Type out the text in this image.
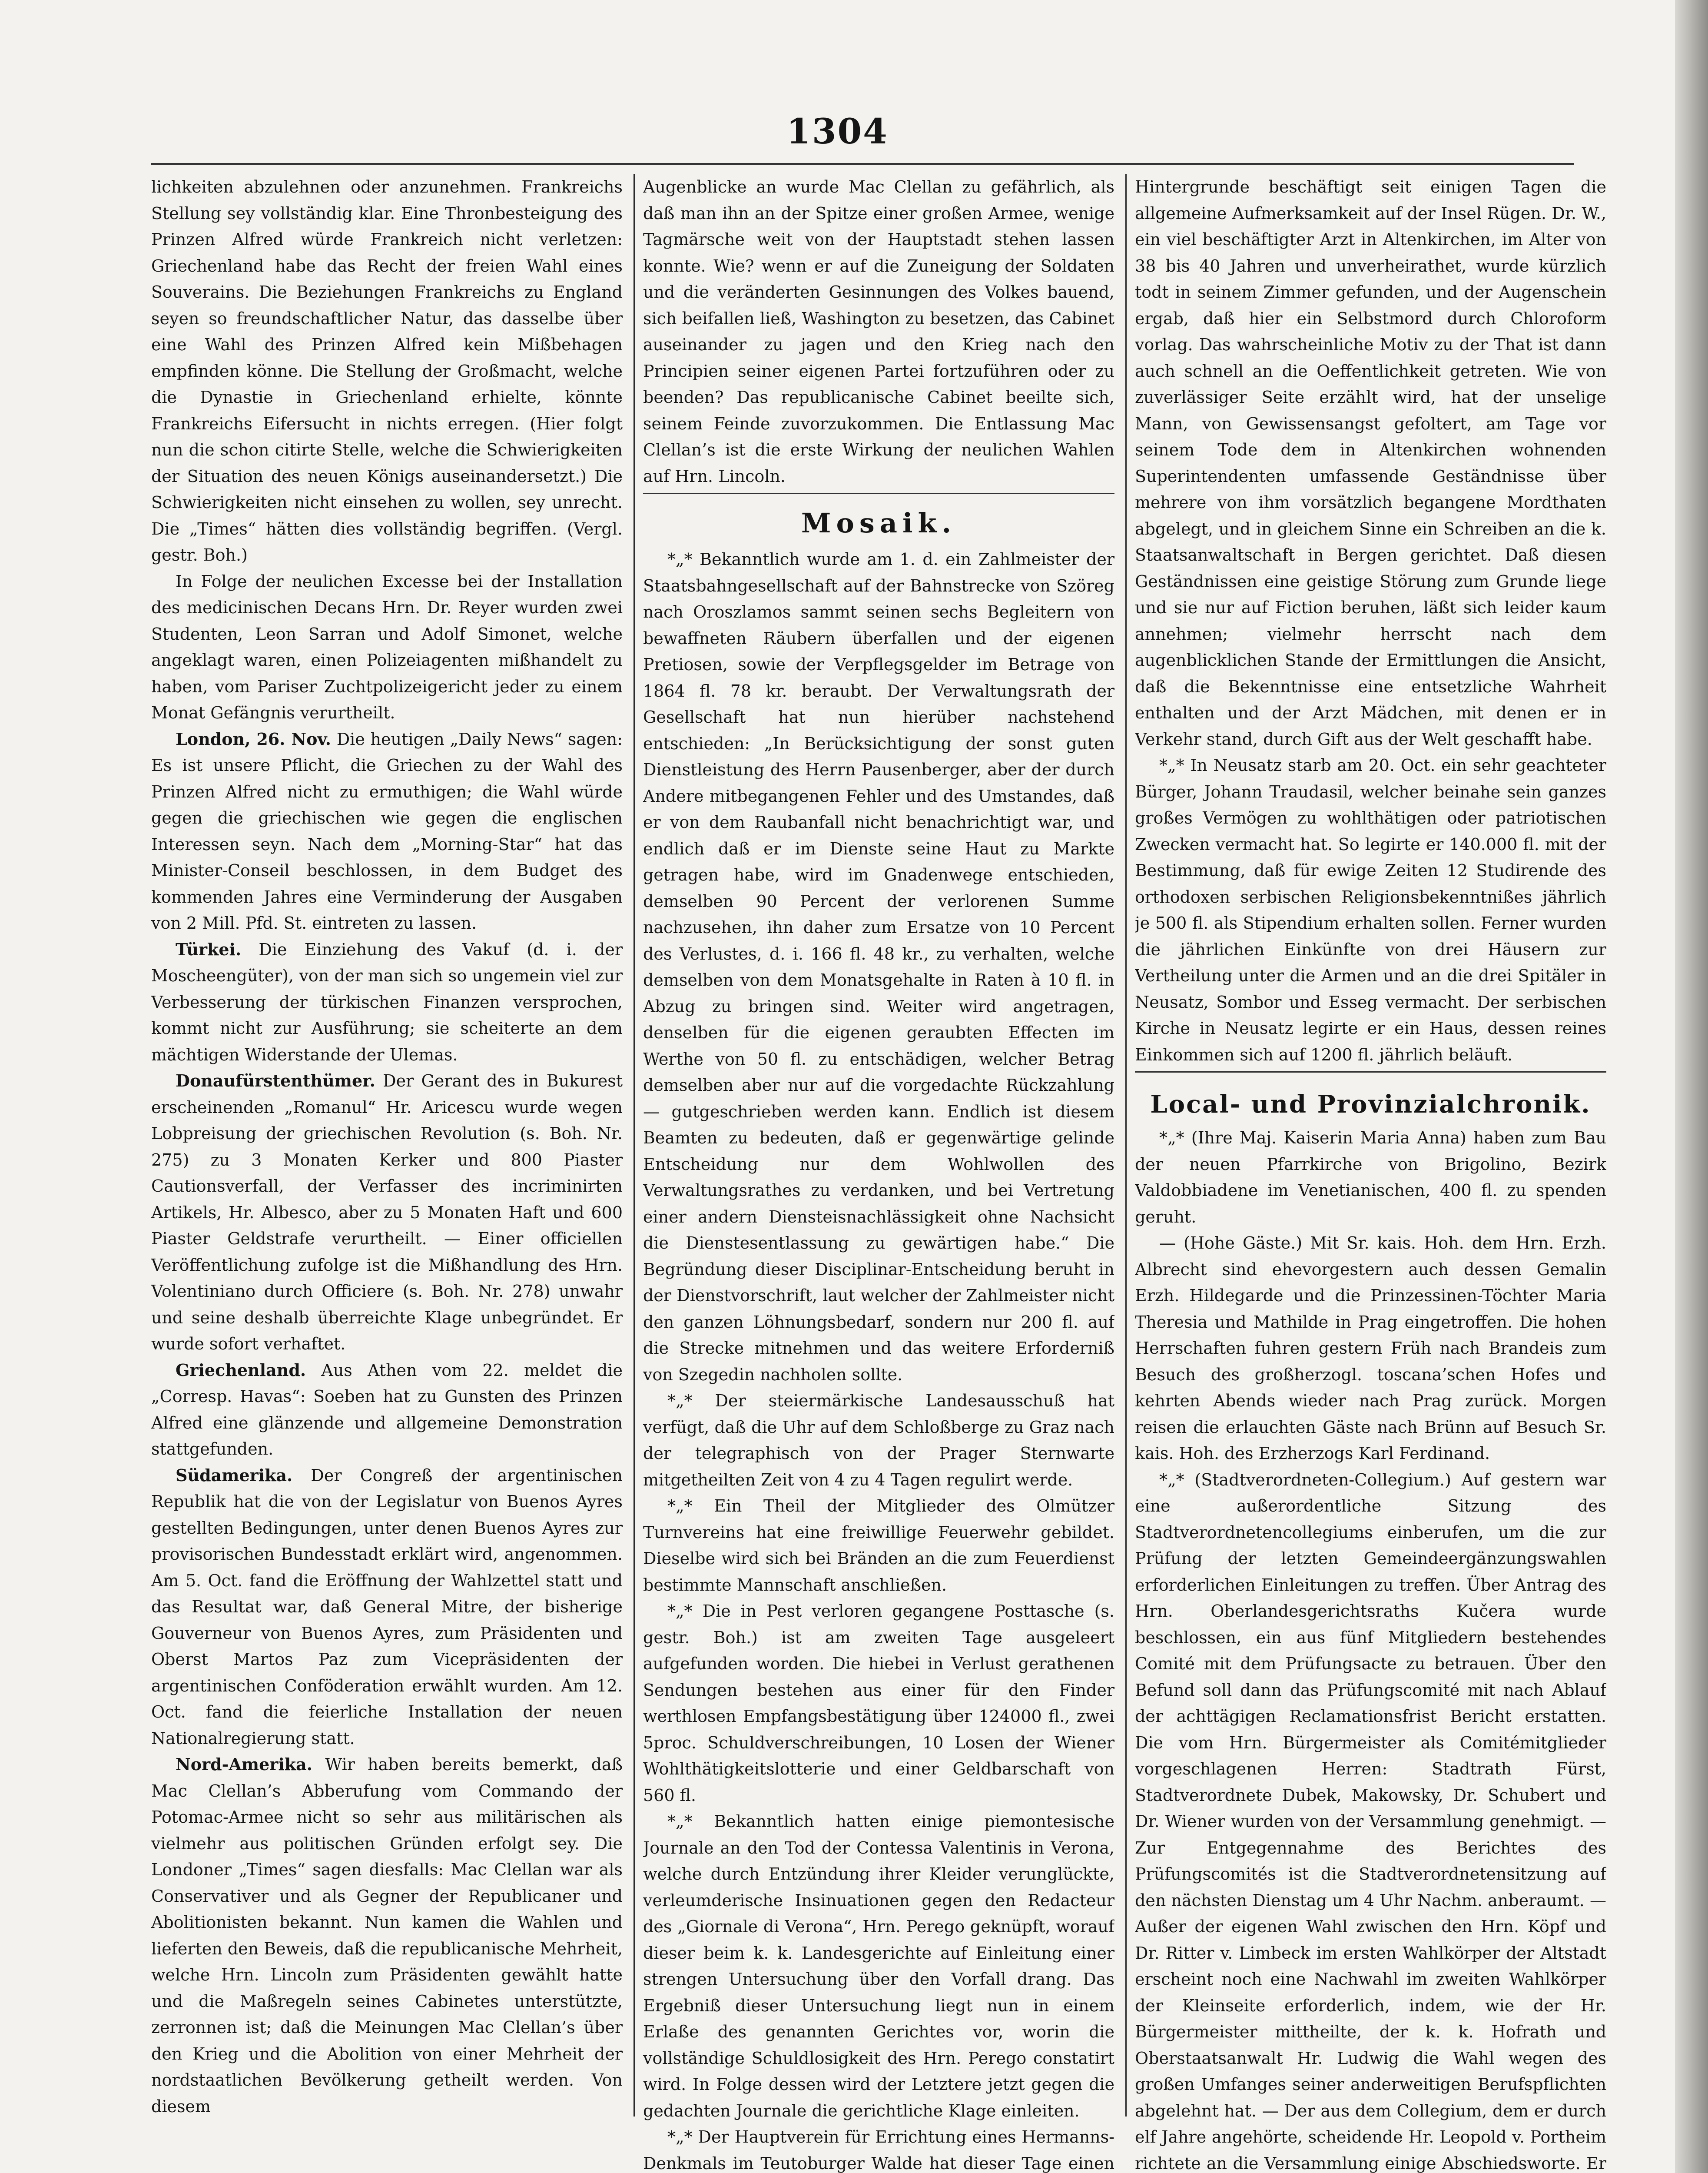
1304

lichkeiten abzulehnen oder anzunehmen. Frankreichs Stellung sey vollständig klar. Eine Thronbesteigung des Prinzen Alfred würde Frankreich nicht verletzen: Griechenland habe das Recht der freien Wahl eines Souverains. Die Beziehungen Frankreichs zu England seyen so freundschaftlicher Natur, das dasselbe über eine Wahl des Prinzen Alfred kein Mißbehagen empfinden könne. Die Stellung der Großmacht, welche die Dynastie in Griechenland erhielte, könnte Frankreichs Eifersucht in nichts erregen. (Hier folgt nun die schon citirte Stelle, welche die Schwierigkeiten der Situation des neuen Königs auseinandersetzt.) Die Schwierigkeiten nicht einsehen zu wollen, sey unrecht. Die „Times“ hätten dies vollständig begriffen. (Vergl. gestr. Boh.)

In Folge der neulichen Excesse bei der Installation des medicinischen Decans Hrn. Dr. Reyer wurden zwei Studenten, Leon Sarran und Adolf Simonet, welche angeklagt waren, einen Polizeiagenten mißhandelt zu haben, vom Pariser Zuchtpolizeigericht jeder zu einem Monat Gefängnis verurtheilt.

London, 26. Nov. Die heutigen „Daily News“ sagen: Es ist unsere Pflicht, die Griechen zu der Wahl des Prinzen Alfred nicht zu ermuthigen; die Wahl würde gegen die griechischen wie gegen die englischen Interessen seyn. Nach dem „Morning-Star“ hat das Minister-Conseil beschlossen, in dem Budget des kommenden Jahres eine Verminderung der Ausgaben von 2 Mill. Pfd. St. eintreten zu lassen.

Türkei. Die Einziehung des Vakuf (d. i. der Moscheengüter), von der man sich so ungemein viel zur Verbesserung der türkischen Finanzen versprochen, kommt nicht zur Ausführung; sie scheiterte an dem mächtigen Widerstande der Ulemas.

Donaufürstenthümer. Der Gerant des in Bukurest erscheinenden „Romanul“ Hr. Aricescu wurde wegen Lobpreisung der griechischen Revolution (s. Boh. Nr. 275) zu 3 Monaten Kerker und 800 Piaster Cautionsverfall, der Verfasser des incriminirten Artikels, Hr. Albesco, aber zu 5 Monaten Haft und 600 Piaster Geldstrafe verurtheilt. — Einer officiellen Veröffentlichung zufolge ist die Mißhandlung des Hrn. Volentiniano durch Officiere (s. Boh. Nr. 278) unwahr und seine deshalb überreichte Klage unbegründet. Er wurde sofort verhaftet.

Griechenland. Aus Athen vom 22. meldet die „Corresp. Havas“: Soeben hat zu Gunsten des Prinzen Alfred eine glänzende und allgemeine Demonstration stattgefunden.

Südamerika. Der Congreß der argentinischen Republik hat die von der Legislatur von Buenos Ayres gestellten Bedingungen, unter denen Buenos Ayres zur provisorischen Bundesstadt erklärt wird, angenommen. Am 5. Oct. fand die Eröffnung der Wahlzettel statt und das Resultat war, daß General Mitre, der bisherige Gouverneur von Buenos Ayres, zum Präsidenten und Oberst Martos Paz zum Vicepräsidenten der argentinischen Conföderation erwählt wurden. Am 12. Oct. fand die feierliche Installation der neuen Nationalregierung statt.

Nord-Amerika. Wir haben bereits bemerkt, daß Mac Clellan’s Abberufung vom Commando der Potomac-Armee nicht so sehr aus militärischen als vielmehr aus politischen Gründen erfolgt sey. Die Londoner „Times“ sagen diesfalls: Mac Clellan war als Conservativer und als Gegner der Republicaner und Abolitionisten bekannt. Nun kamen die Wahlen und lieferten den Beweis, daß die republicanische Mehrheit, welche Hrn. Lincoln zum Präsidenten gewählt hatte und die Maßregeln seines Cabinetes unterstützte, zerronnen ist; daß die Meinungen Mac Clellan’s über den Krieg und die Abolition von einer Mehrheit der nordstaatlichen Bevölkerung getheilt werden. Von diesem

Augenblicke an wurde Mac Clellan zu gefährlich, als daß man ihn an der Spitze einer großen Armee, wenige Tagmärsche weit von der Hauptstadt stehen lassen konnte. Wie? wenn er auf die Zuneigung der Soldaten und die veränderten Gesinnungen des Volkes bauend, sich beifallen ließ, Washington zu besetzen, das Cabinet auseinander zu jagen und den Krieg nach den Principien seiner eigenen Partei fortzuführen oder zu beenden? Das republicanische Cabinet beeilte sich, seinem Feinde zuvorzukommen. Die Entlassung Mac Clellan’s ist die erste Wirkung der neulichen Wahlen auf Hrn. Lincoln.

Mosaik.

*„* Bekanntlich wurde am 1. d. ein Zahlmeister der Staatsbahngesellschaft auf der Bahnstrecke von Szöreg nach Oroszlamos sammt seinen sechs Begleitern von bewaffneten Räubern überfallen und der eigenen Pretiosen, sowie der Verpflegsgelder im Betrage von 1864 fl. 78 kr. beraubt. Der Verwaltungsrath der Gesellschaft hat nun hierüber nachstehend entschieden: „In Berücksichtigung der sonst guten Dienstleistung des Herrn Pausenberger, aber der durch Andere mitbegangenen Fehler und des Umstandes, daß er von dem Raubanfall nicht benachrichtigt war, und endlich daß er im Dienste seine Haut zu Markte getragen habe, wird im Gnadenwege entschieden, demselben 90 Percent der verlorenen Summe nachzusehen, ihn daher zum Ersatze von 10 Percent des Verlustes, d. i. 166 fl. 48 kr., zu verhalten, welche demselben von dem Monatsgehalte in Raten à 10 fl. in Abzug zu bringen sind. Weiter wird angetragen, denselben für die eigenen geraubten Effecten im Werthe von 50 fl. zu entschädigen, welcher Betrag demselben aber nur auf die vorgedachte Rückzahlung — gutgeschrieben werden kann. Endlich ist diesem Beamten zu bedeuten, daß er gegenwärtige gelinde Entscheidung nur dem Wohlwollen des Verwaltungsrathes zu verdanken, und bei Vertretung einer andern Diensteisnachlässigkeit ohne Nachsicht die Dienstesentlassung zu gewärtigen habe.“ Die Begründung dieser Disciplinar-Entscheidung beruht in der Dienstvorschrift, laut welcher der Zahlmeister nicht den ganzen Löhnungsbedarf, sondern nur 200 fl. auf die Strecke mitnehmen und das weitere Erforderniß von Szegedin nachholen sollte.

*„* Der steiermärkische Landesausschuß hat verfügt, daß die Uhr auf dem Schloßberge zu Graz nach der telegraphisch von der Prager Sternwarte mitgetheilten Zeit von 4 zu 4 Tagen regulirt werde.

*„* Ein Theil der Mitglieder des Olmützer Turnvereins hat eine freiwillige Feuerwehr gebildet. Dieselbe wird sich bei Bränden an die zum Feuerdienst bestimmte Mannschaft anschließen.

*„* Die in Pest verloren gegangene Posttasche (s. gestr. Boh.) ist am zweiten Tage ausgeleert aufgefunden worden. Die hiebei in Verlust gerathenen Sendungen bestehen aus einer für den Finder werthlosen Empfangsbestätigung über 124000 fl., zwei 5proc. Schuldverschreibungen, 10 Losen der Wiener Wohlthätigkeitslotterie und einer Geldbarschaft von 560 fl.

*„* Bekanntlich hatten einige piemontesische Journale an den Tod der Contessa Valentinis in Verona, welche durch Entzündung ihrer Kleider verunglückte, verleumderische Insinuationen gegen den Redacteur des „Giornale di Verona“, Hrn. Perego geknüpft, worauf dieser beim k. k. Landesgerichte auf Einleitung einer strengen Untersuchung über den Vorfall drang. Das Ergebniß dieser Untersuchung liegt nun in einem Erlaße des genannten Gerichtes vor, worin die vollständige Schuldlosigkeit des Hrn. Perego constatirt wird. In Folge dessen wird der Letztere jetzt gegen die gedachten Journale die gerichtliche Klage einleiten.

*„* Der Hauptverein für Errichtung eines Hermanns-Denkmals im Teutoburger Walde hat dieser Tage einen

Hintergrunde beschäftigt seit einigen Tagen die allgemeine Aufmerksamkeit auf der Insel Rügen. Dr. W., ein viel beschäftigter Arzt in Altenkirchen, im Alter von 38 bis 40 Jahren und unverheirathet, wurde kürzlich todt in seinem Zimmer gefunden, und der Augenschein ergab, daß hier ein Selbstmord durch Chloroform vorlag. Das wahrscheinliche Motiv zu der That ist dann auch schnell an die Oeffentlichkeit getreten. Wie von zuverlässiger Seite erzählt wird, hat der unselige Mann, von Gewissensangst gefoltert, am Tage vor seinem Tode dem in Altenkirchen wohnenden Superintendenten umfassende Geständnisse über mehrere von ihm vorsätzlich begangene Mordthaten abgelegt, und in gleichem Sinne ein Schreiben an die k. Staatsanwaltschaft in Bergen gerichtet. Daß diesen Geständnissen eine geistige Störung zum Grunde liege und sie nur auf Fiction beruhen, läßt sich leider kaum annehmen; vielmehr herrscht nach dem augenblicklichen Stande der Ermittlungen die Ansicht, daß die Bekenntnisse eine entsetzliche Wahrheit enthalten und der Arzt Mädchen, mit denen er in Verkehr stand, durch Gift aus der Welt geschafft habe.

*„* In Neusatz starb am 20. Oct. ein sehr geachteter Bürger, Johann Traudasil, welcher beinahe sein ganzes großes Vermögen zu wohlthätigen oder patriotischen Zwecken vermacht hat. So legirte er 140.000 fl. mit der Bestimmung, daß für ewige Zeiten 12 Studirende des orthodoxen serbischen Religionsbekenntnißes jährlich je 500 fl. als Stipendium erhalten sollen. Ferner wurden die jährlichen Einkünfte von drei Häusern zur Vertheilung unter die Armen und an die drei Spitäler in Neusatz, Sombor und Esseg vermacht. Der serbischen Kirche in Neusatz legirte er ein Haus, dessen reines Einkommen sich auf 1200 fl. jährlich beläuft.

Local- und Provinzialchronik.

*„* (Ihre Maj. Kaiserin Maria Anna) haben zum Bau der neuen Pfarrkirche von Brigolino, Bezirk Valdobbiadene im Venetianischen, 400 fl. zu spenden geruht.

— (Hohe Gäste.) Mit Sr. kais. Hoh. dem Hrn. Erzh. Albrecht sind ehevorgestern auch dessen Gemalin Erzh. Hildegarde und die Prinzessinen-Töchter Maria Theresia und Mathilde in Prag eingetroffen. Die hohen Herrschaften fuhren gestern Früh nach Brandeis zum Besuch des großherzogl. toscana’schen Hofes und kehrten Abends wieder nach Prag zurück. Morgen reisen die erlauchten Gäste nach Brünn auf Besuch Sr. kais. Hoh. des Erzherzogs Karl Ferdinand.

*„* (Stadtverordneten-Collegium.) Auf gestern war eine außerordentliche Sitzung des Stadtverordnetencollegiums einberufen, um die zur Prüfung der letzten Gemeindeergänzungswahlen erforderlichen Einleitungen zu treffen. Über Antrag des Hrn. Oberlandesgerichtsraths Kučera wurde beschlossen, ein aus fünf Mitgliedern bestehendes Comité mit dem Prüfungsacte zu betrauen. Über den Befund soll dann das Prüfungscomité mit nach Ablauf der achttägigen Reclamationsfrist Bericht erstatten. Die vom Hrn. Bürgermeister als Comitémitglieder vorgeschlagenen Herren: Stadtrath Fürst, Stadtverordnete Dubek, Makowsky, Dr. Schubert und Dr. Wiener wurden von der Versammlung genehmigt. — Zur Entgegennahme des Berichtes des Prüfungscomités ist die Stadtverordnetensitzung auf den nächsten Dienstag um 4 Uhr Nachm. anberaumt. — Außer der eigenen Wahl zwischen den Hrn. Köpf und Dr. Ritter v. Limbeck im ersten Wahlkörper der Altstadt erscheint noch eine Nachwahl im zweiten Wahlkörper der Kleinseite erforderlich, indem, wie der Hr. Bürgermeister mittheilte, der k. k. Hofrath und Oberstaatsanwalt Hr. Ludwig die Wahl wegen des großen Umfanges seiner anderweitigen Berufspflichten abgelehnt hat. — Der aus dem Collegium, dem er durch elf Jahre angehörte, scheidende Hr. Leopold v. Portheim richtete an die Versammlung einige Abschiedsworte. Er
